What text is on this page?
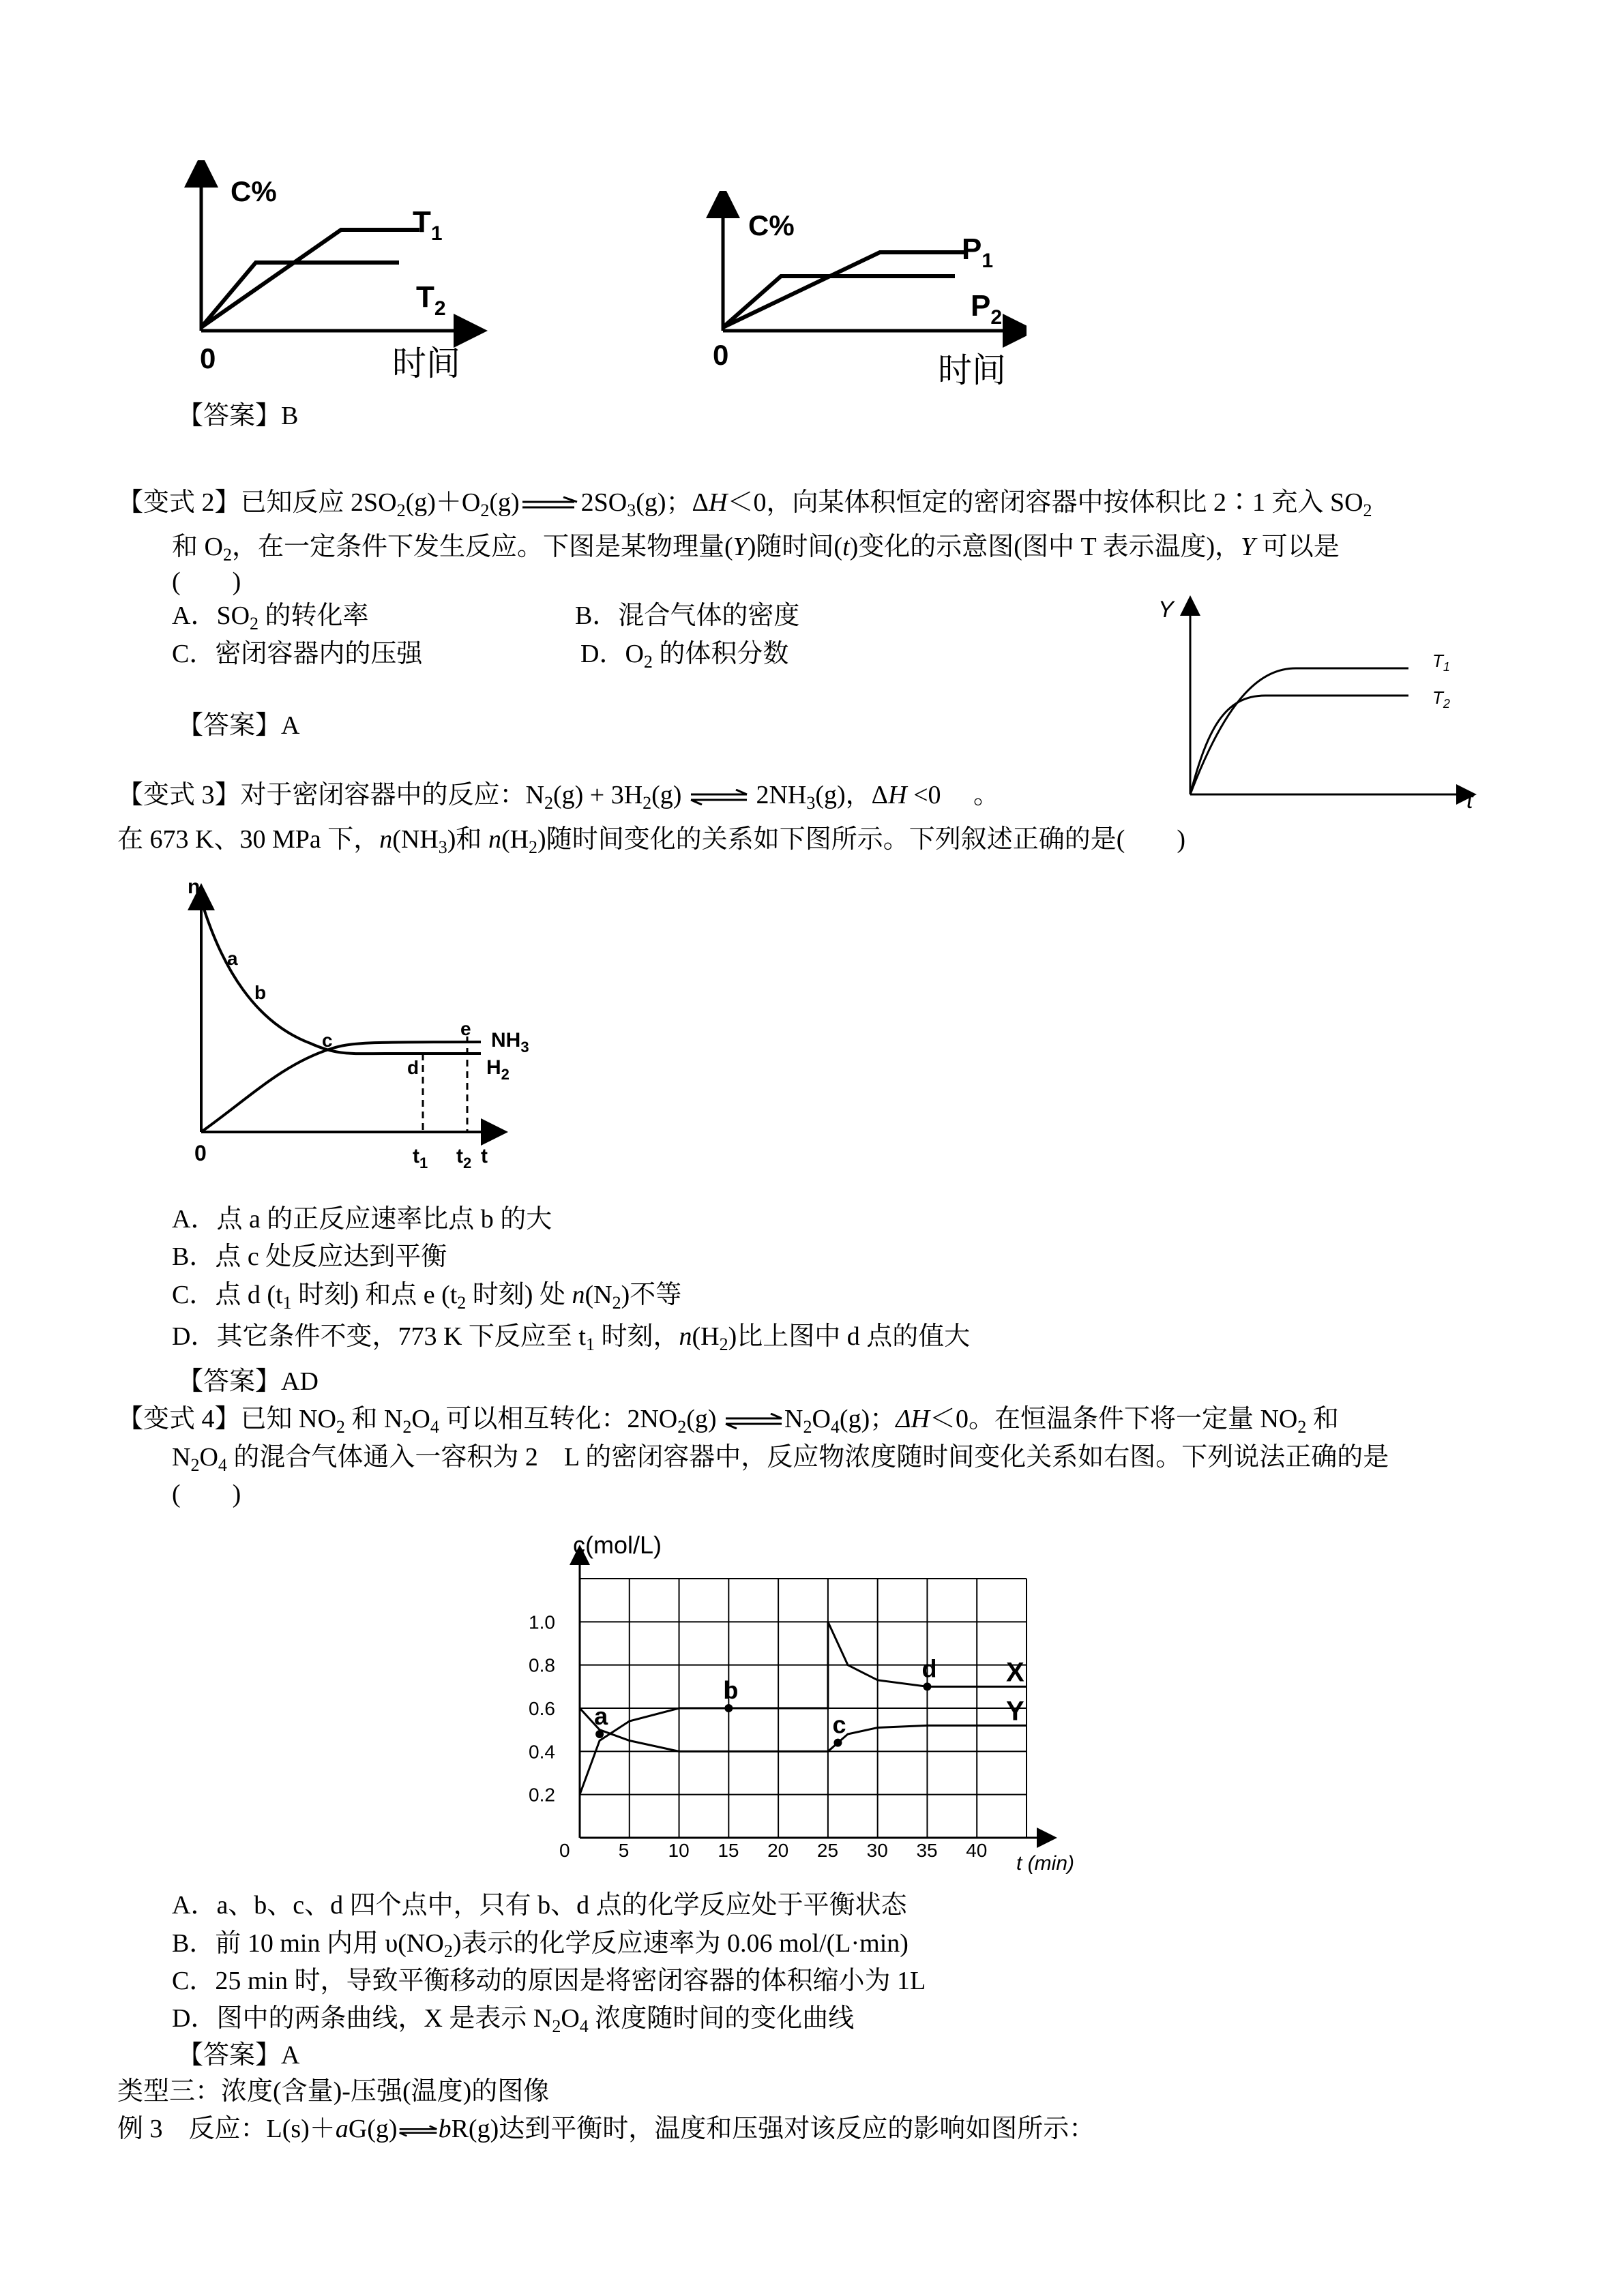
C%
0	时间
$T_1$
$T_2$
C%
0	时间
$P_1$
$P_2$
【答案】B
【变式 2】已知反应 $2SO_2(g)+O_2(g)$ $2SO_3(g)$；ΔH＜0，向某体积恒定的密闭容器中按体积比 2∶1 充入 $SO_2$
和 $O_2$，在一定条件下发生反应。下图是某物理量(Y)随时间(t)变化的示意图(图中 T 表示温度)，Y 可以是
(　　)
A．$SO_2$ 的转化率	B．混合气体的密度
C．密闭容器内的压强	D．$O_2$ 的体积分数
【答案】A
Y
t
$T_1$
$T_2$
【变式 3】对于密闭容器中的反应：$N_2(g) + 3H_2(g)$ ⇌ $2NH_3(g)$，ΔH <0　 。
在 673 K、30 MPa 下，$n(NH_3)$和 $n(H_2)$随时间变化的关系如下图所示。下列叙述正确的是(　　)
n
0
a
b
c
d
e
$NH_3$
$H_2$
$t_1$ $t_2$ t
A．点 a 的正反应速率比点 b 的大
B．点 c 处反应达到平衡
C．点 d ($t_1$ 时刻) 和点 e ($t_2$ 时刻) 处 $n(N_2)$不等
D．其它条件不变，773 K 下反应至 $t_1$ 时刻，$n(H_2)$比上图中 d 点的值大
【答案】AD
【变式 4】已知 $NO_2$ 和 $N_2O_4$ 可以相互转化：$2NO_2(g)$ $\rightleftharpoons N_2O_4(g)$；ΔH＜0。在恒温条件下将一定量 $NO_2$ 和
$N_2O_4$ 的混合气体通入一容积为 2　L 的密闭容器中，反应物浓度随时间变化关系如右图。下列说法正确的是
(　　)
0	5 10 15 20 25 30 35 40
0.2
0.4
0.6
0.8
1.0
X
Y
a
b
c
d
c(mol/L)
t (min)
A．a、b、c、d 四个点中，只有 b、d 点的化学反应处于平衡状态
B．前 10 min 内用 $\upsilon(NO_2)$表示的化学反应速率为 0.06 mol/(L·min)
C．25 min 时，导致平衡移动的原因是将密闭容器的体积缩小为 1L
D．图中的两条曲线，X 是表示 $N_2O_4$ 浓度随时间的变化曲线
【答案】A
类型三：浓度(含量)-压强(温度)的图像
例 3　反应：L(s)＋aG(g)⇌bR(g)达到平衡时，温度和压强对该反应的影响如图所示：
